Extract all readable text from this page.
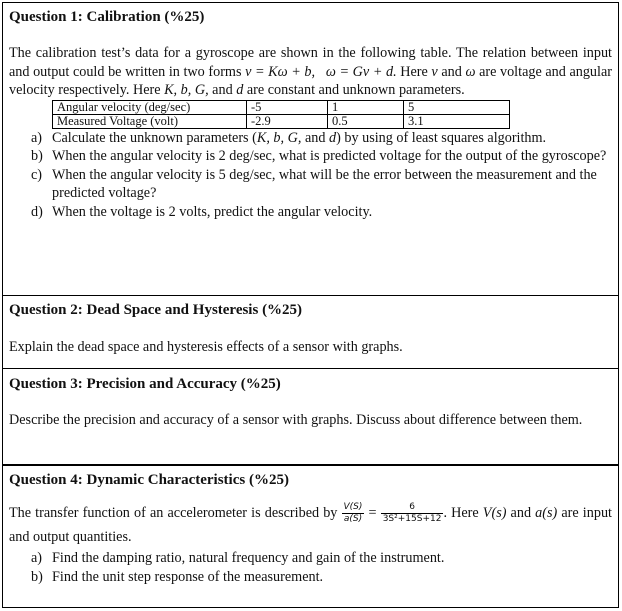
Question 1: Calibration (%25)
The calibration test’s data for a gyroscope are shown in the following table. The relation between input and output could be written in two forms v = Kω + b, ω = Gv + d. Here v and ω are voltage and angular velocity respectively. Here K, b, G, and d are constant and unknown parameters.
Angular velocity (deg/sec)	-5	1	5
Measured Voltage (volt)	-2.9	0.5	3.1
a) Calculate the unknown parameters (K, b, G, and d) by using of least squares algorithm.
b) When the angular velocity is 2 deg/sec, what is predicted voltage for the output of the gyroscope?
c) When the angular velocity is 5 deg/sec, what will be the error between the measurement and the predicted voltage?
d) When the voltage is 2 volts, predict the angular velocity.
Question 2: Dead Space and Hysteresis (%25)
Explain the dead space and hysteresis effects of a sensor with graphs.
Question 3: Precision and Accuracy (%25)
Describe the precision and accuracy of a sensor with graphs. Discuss about difference between them.
Question 4: Dynamic Characteristics (%25)
The transfer function of an accelerometer is described by $\frac{V(S)}{a(S)} = \frac{6}{\text{3S²+15S+12}}$ . Here V(s) and a(s) are input and output quantities.
a) Find the damping ratio, natural frequency and gain of the instrument.
b) Find the unit step response of the measurement.
